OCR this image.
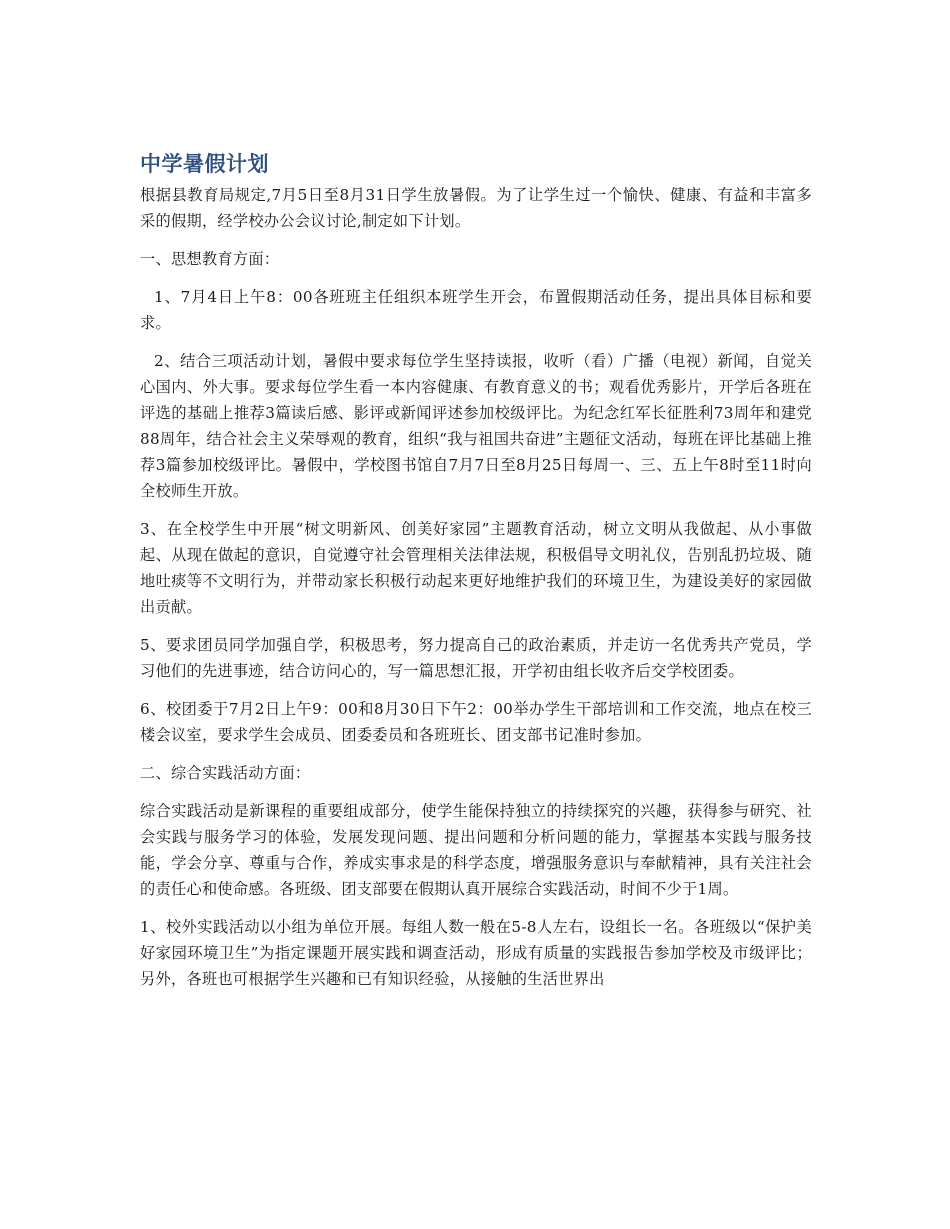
中学暑假计划

根据县教育局规定,7月5日至8月31日学生放暑假。为了让学生过一个愉快、健康、有益和丰富多采的假期，经学校办公会议讨论,制定如下计划。

一、思想教育方面：

1、7月4日上午8：00各班班主任组织本班学生开会，布置假期活动任务，提出具体目标和要求。

2、结合三项活动计划，暑假中要求每位学生坚持读报，收听（看）广播（电视）新闻，自觉关心国内、外大事。要求每位学生看一本内容健康、有教育意义的书；观看优秀影片，开学后各班在评选的基础上推荐3篇读后感、影评或新闻评述参加校级评比。为纪念红军长征胜利73周年和建党88周年，结合社会主义荣辱观的教育，组织“我与祖国共奋进”主题征文活动，每班在评比基础上推荐3篇参加校级评比。暑假中，学校图书馆自7月7日至8月25日每周一、三、五上午8时至11时向全校师生开放。

3、在全校学生中开展“树文明新风、创美好家园”主题教育活动，树立文明从我做起、从小事做起、从现在做起的意识，自觉遵守社会管理相关法律法规，积极倡导文明礼仪，告别乱扔垃圾、随地吐痰等不文明行为，并带动家长积极行动起来更好地维护我们的环境卫生，为建设美好的家园做出贡献。

5、要求团员同学加强自学，积极思考，努力提高自己的政治素质，并走访一名优秀共产党员，学习他们的先进事迹，结合访问心的，写一篇思想汇报，开学初由组长收齐后交学校团委。

6、校团委于7月2日上午9：00和8月30日下午2：00举办学生干部培训和工作交流，地点在校三楼会议室，要求学生会成员、团委委员和各班班长、团支部书记准时参加。

二、综合实践活动方面：

综合实践活动是新课程的重要组成部分，使学生能保持独立的持续探究的兴趣，获得参与研究、社会实践与服务学习的体验，发展发现问题、提出问题和分析问题的能力，掌握基本实践与服务技能，学会分享、尊重与合作，养成实事求是的科学态度，增强服务意识与奉献精神，具有关注社会的责任心和使命感。各班级、团支部要在假期认真开展综合实践活动，时间不少于1周。

1、校外实践活动以小组为单位开展。每组人数一般在5-8人左右，设组长一名。各班级以“保护美好家园环境卫生”为指定课题开展实践和调查活动，形成有质量的实践报告参加学校及市级评比；另外，各班也可根据学生兴趣和已有知识经验，从接触的生活世界出
